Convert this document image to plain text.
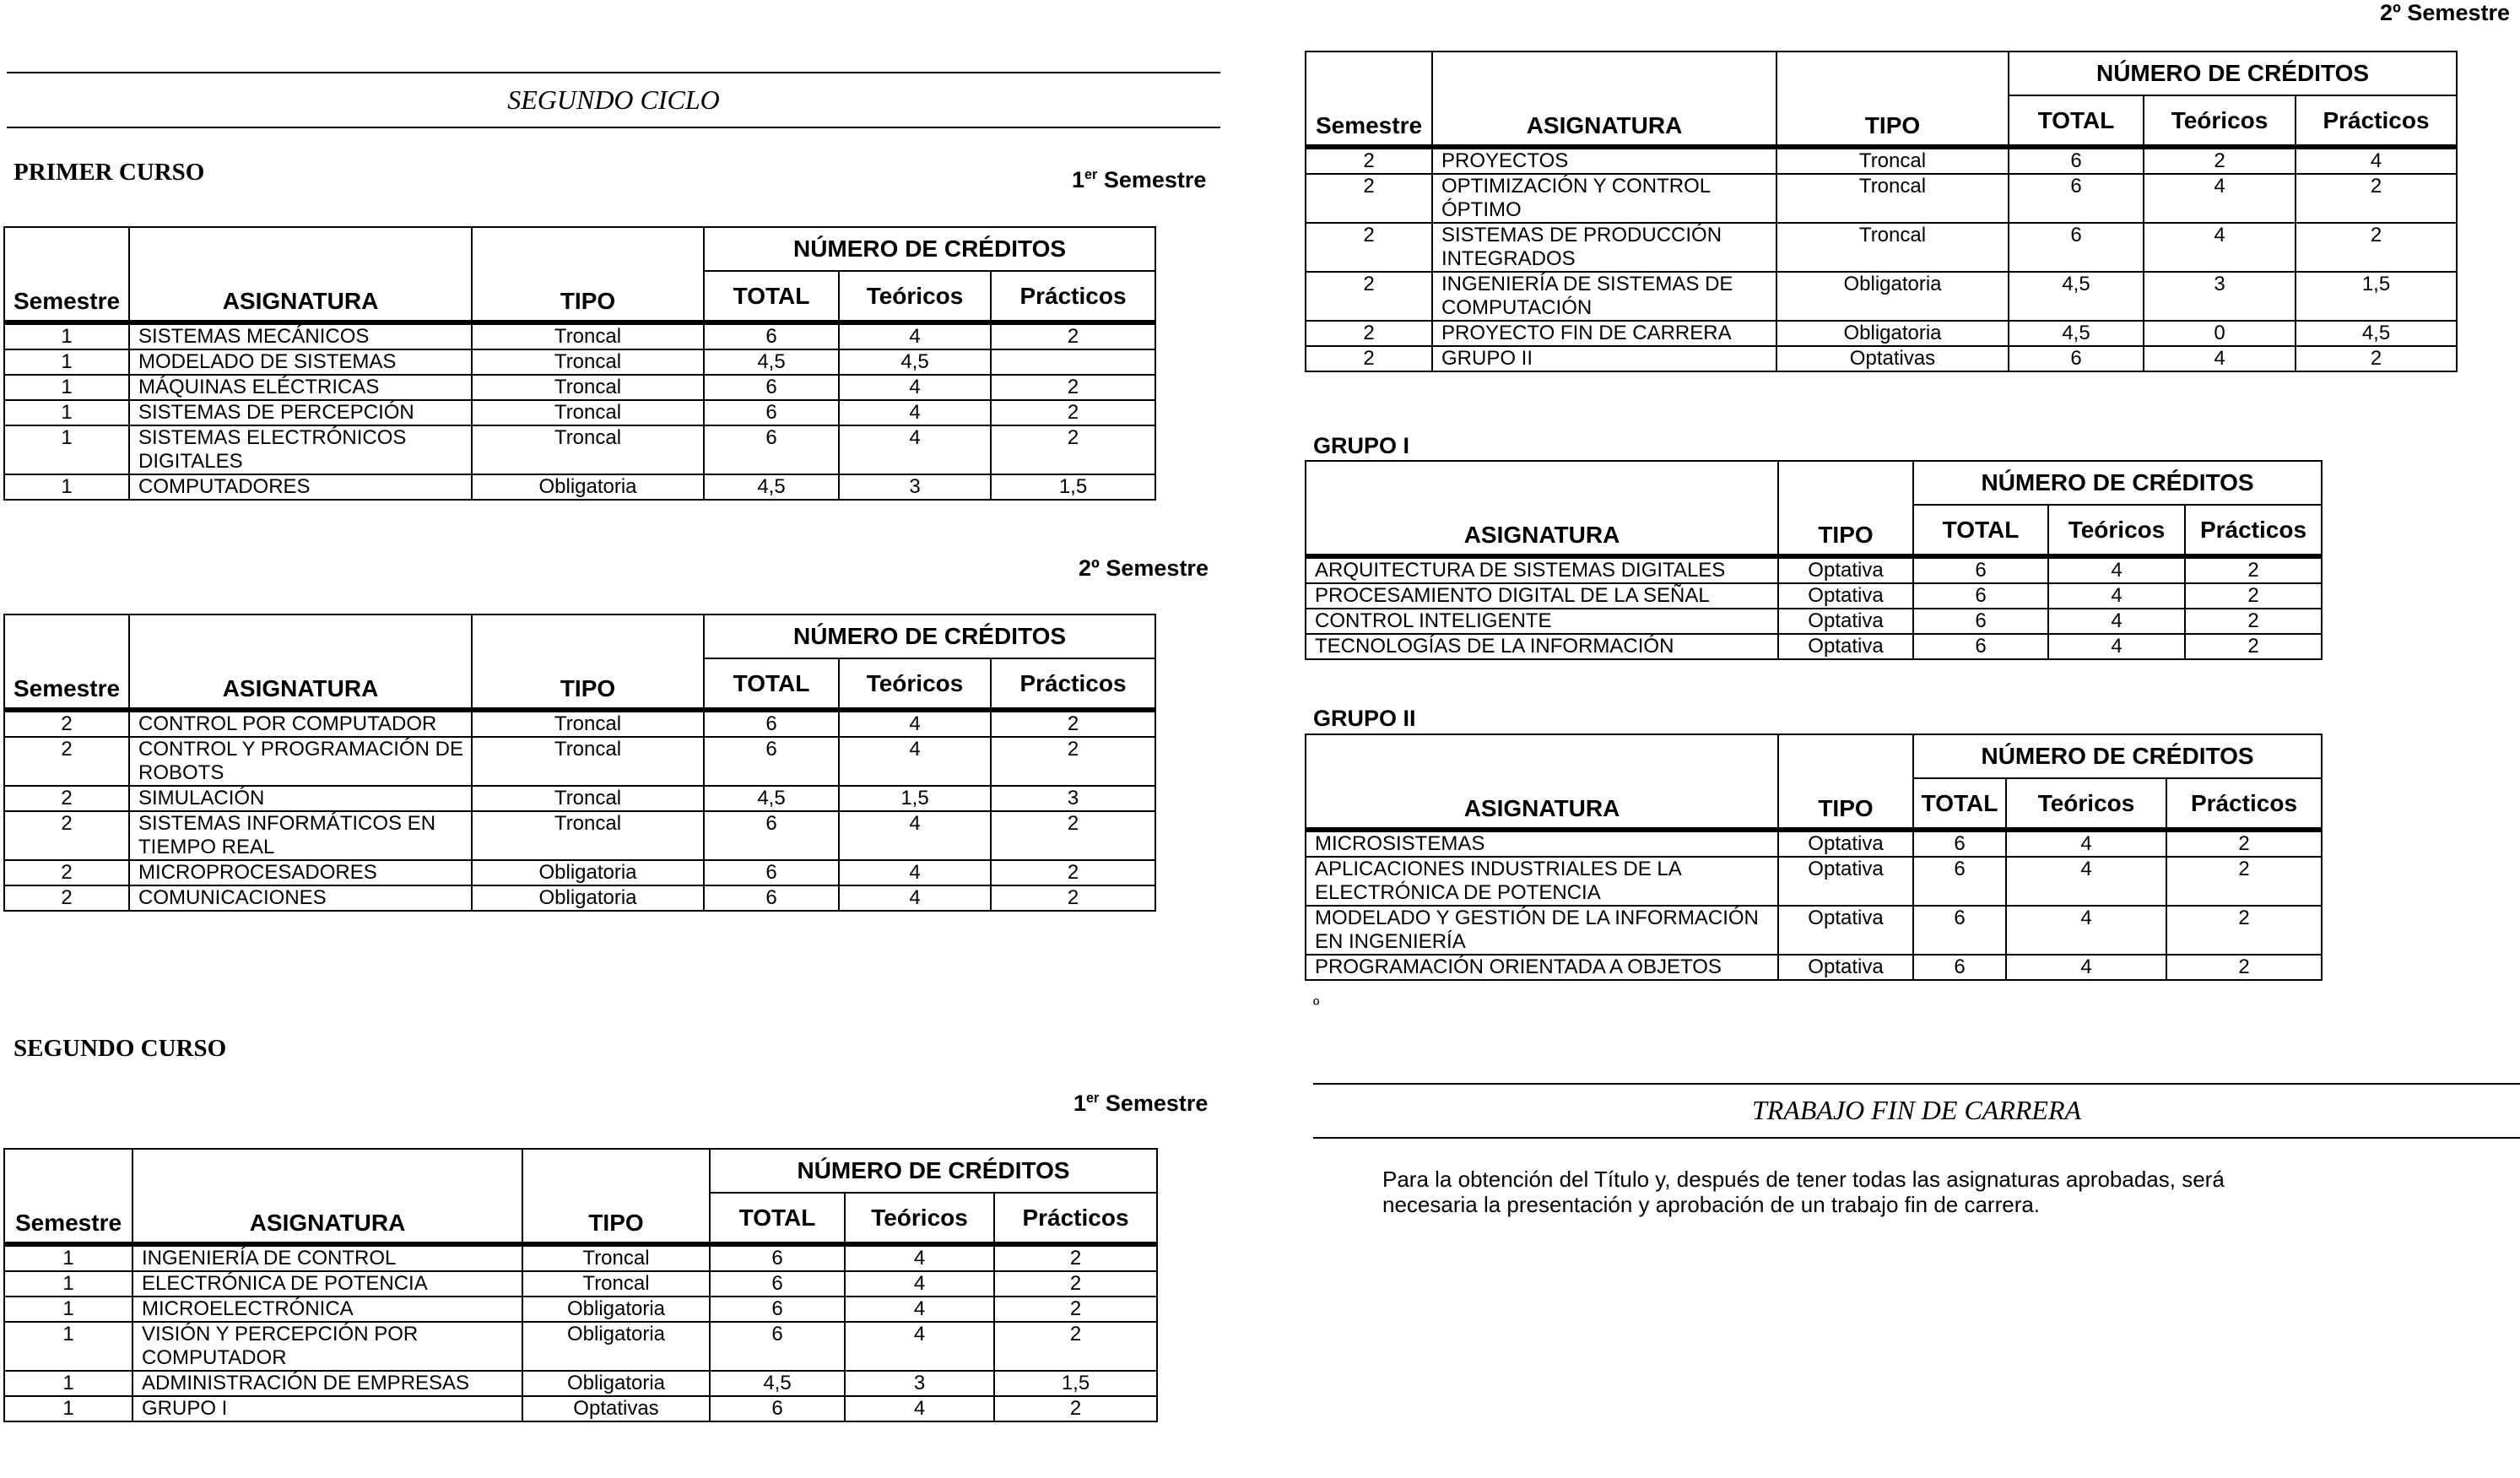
2º Semestre
SEGUNDO CICLO
PRIMER CURSO	1er Semestre
			NÚMERO DE CRÉDITOS		
Semestre	ASIGNATURA	TIPO	TOTAL	Teóricos	Prácticos
1	SISTEMAS MECÁNICOS	Troncal	6	4	2
1	MODELADO DE SISTEMAS	Troncal	4,5	4,5	
1	MÁQUINAS ELÉCTRICAS	Troncal	6	4	2
1	SISTEMAS DE PERCEPCIÓN	Troncal	6	4	2
1	SISTEMAS ELECTRÓNICOS DIGITALES	Troncal	6	4	2
1	COMPUTADORES	Obligatoria	4,5	3	1,5
2º Semestre
			NÚMERO DE CRÉDITOS		
Semestre	ASIGNATURA	TIPO	TOTAL	Teóricos	Prácticos
2	CONTROL POR COMPUTADOR	Troncal	6	4	2
2	CONTROL Y PROGRAMACIÓN DE ROBOTS	Troncal	6	4	2
2	SIMULACIÓN	Troncal	4,5	1,5	3
2	SISTEMAS INFORMÁTICOS EN TIEMPO REAL	Troncal	6	4	2
2	MICROPROCESADORES	Obligatoria	6	4	2
2	COMUNICACIONES	Obligatoria	6	4	2
SEGUNDO CURSO
1er Semestre
			NÚMERO DE CRÉDITOS		
Semestre	ASIGNATURA	TIPO	TOTAL	Teóricos	Prácticos
1	INGENIERÍA DE CONTROL	Troncal	6	4	2
1	ELECTRÓNICA DE POTENCIA	Troncal	6	4	2
1	MICROELECTRÓNICA	Obligatoria	6	4	2
1	VISIÓN Y PERCEPCIÓN POR COMPUTADOR	Obligatoria	6	4	2
1	ADMINISTRACIÓN DE EMPRESAS	Obligatoria	4,5	3	1,5
1	GRUPO I	Optativas	6	4	2
			NÚMERO DE CRÉDITOS		
Semestre	ASIGNATURA	TIPO	TOTAL	Teóricos	Prácticos
2	PROYECTOS	Troncal	6	2	4
2	OPTIMIZACIÓN Y CONTROL ÓPTIMO	Troncal	6	4	2
2	SISTEMAS DE PRODUCCIÓN INTEGRADOS	Troncal	6	4	2
2	INGENIERÍA DE SISTEMAS DE COMPUTACIÓN	Obligatoria	4,5	3	1,5
2	PROYECTO FIN DE CARRERA	Obligatoria	4,5	0	4,5
2	GRUPO II	Optativas	6	4	2
GRUPO I
		NÚMERO DE CRÉDITOS		
ASIGNATURA	TIPO	TOTAL	Teóricos	Prácticos
ARQUITECTURA DE SISTEMAS DIGITALES	Optativa	6	4	2
PROCESAMIENTO DIGITAL DE LA SEÑAL	Optativa	6	4	2
CONTROL INTELIGENTE	Optativa	6	4	2
TECNOLOGÍAS DE LA INFORMACIÓN	Optativa	6	4	2
GRUPO II
		NÚMERO DE CRÉDITOS		
ASIGNATURA	TIPO	TOTAL	Teóricos	Prácticos
MICROSISTEMAS	Optativa	6	4	2
APLICACIONES INDUSTRIALES DE LA ELECTRÓNICA DE POTENCIA	Optativa	6	4	2
MODELADO Y GESTIÓN DE LA INFORMACIÓN EN INGENIERÍA	Optativa	6	4	2
PROGRAMACIÓN ORIENTADA A OBJETOS	Optativa	6	4	2
º
TRABAJO FIN DE CARRERA
Para la obtención del Título y, después de tener todas las asignaturas aprobadas, será
necesaria la presentación y aprobación de un trabajo fin de carrera.
